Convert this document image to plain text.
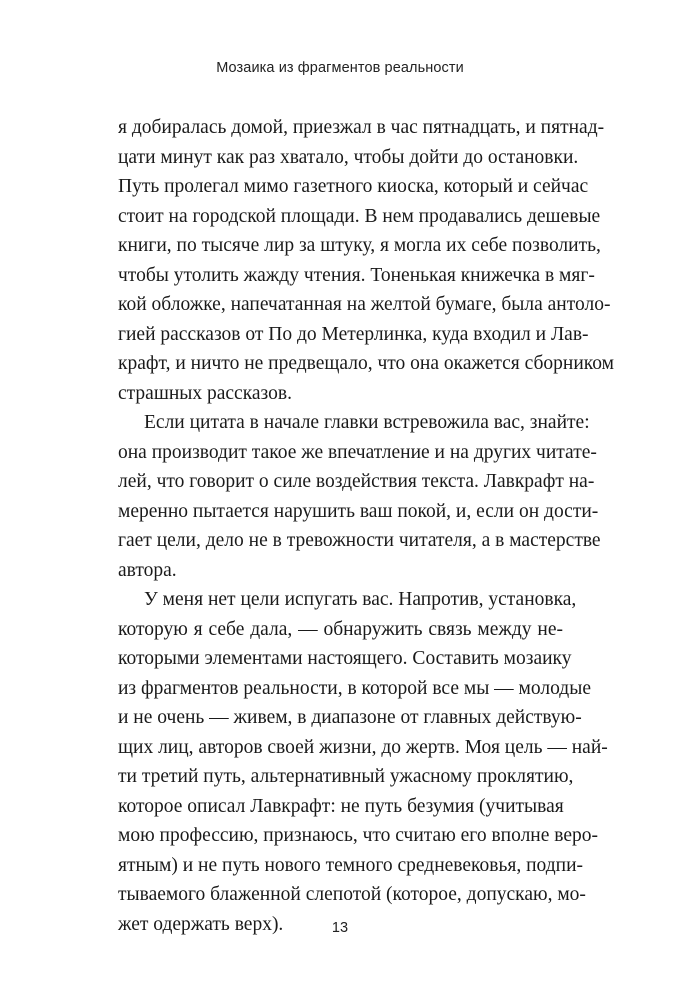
Мозаика из фрагментов реальности
я добиралась домой, приезжал в час пятнадцать, и пятнад-
цати минут как раз хватало, чтобы дойти до остановки.
Путь пролегал мимо газетного киоска, который и сейчас
стоит на городской площади. В нем продавались дешевые
книги, по тысяче лир за штуку, я могла их себе позволить,
чтобы утолить жажду чтения. Тоненькая книжечка в мяг-
кой обложке, напечатанная на желтой бумаге, была антоло-
гией рассказов от По до Метерлинка, куда входил и Лав-
крафт, и ничто не предвещало, что она окажется сборником
страшных рассказов.
Если цитата в начале главки встревожила вас, знайте:
она производит такое же впечатление и на других читате-
лей, что говорит о силе воздействия текста. Лавкрафт на-
меренно пытается нарушить ваш покой, и, если он дости-
гает цели, дело не в тревожности читателя, а в мастерстве
автора.
У меня нет цели испугать вас. Напротив, установка,
которую я себе дала, — обнаружить связь между не-
которыми элементами настоящего. Составить мозаику
из фрагментов реальности, в которой все мы — молодые
и не очень — живем, в диапазоне от главных действую-
щих лиц, авторов своей жизни, до жертв. Моя цель — най-
ти третий путь, альтернативный ужасному проклятию,
которое описал Лавкрафт: не путь безумия (учитывая
мою профессию, признаюсь, что считаю его вполне веро-
ятным) и не путь нового темного средневековья, подпи-
тываемого блаженной слепотой (которое, допускаю, мо-
жет одержать верх).	13
